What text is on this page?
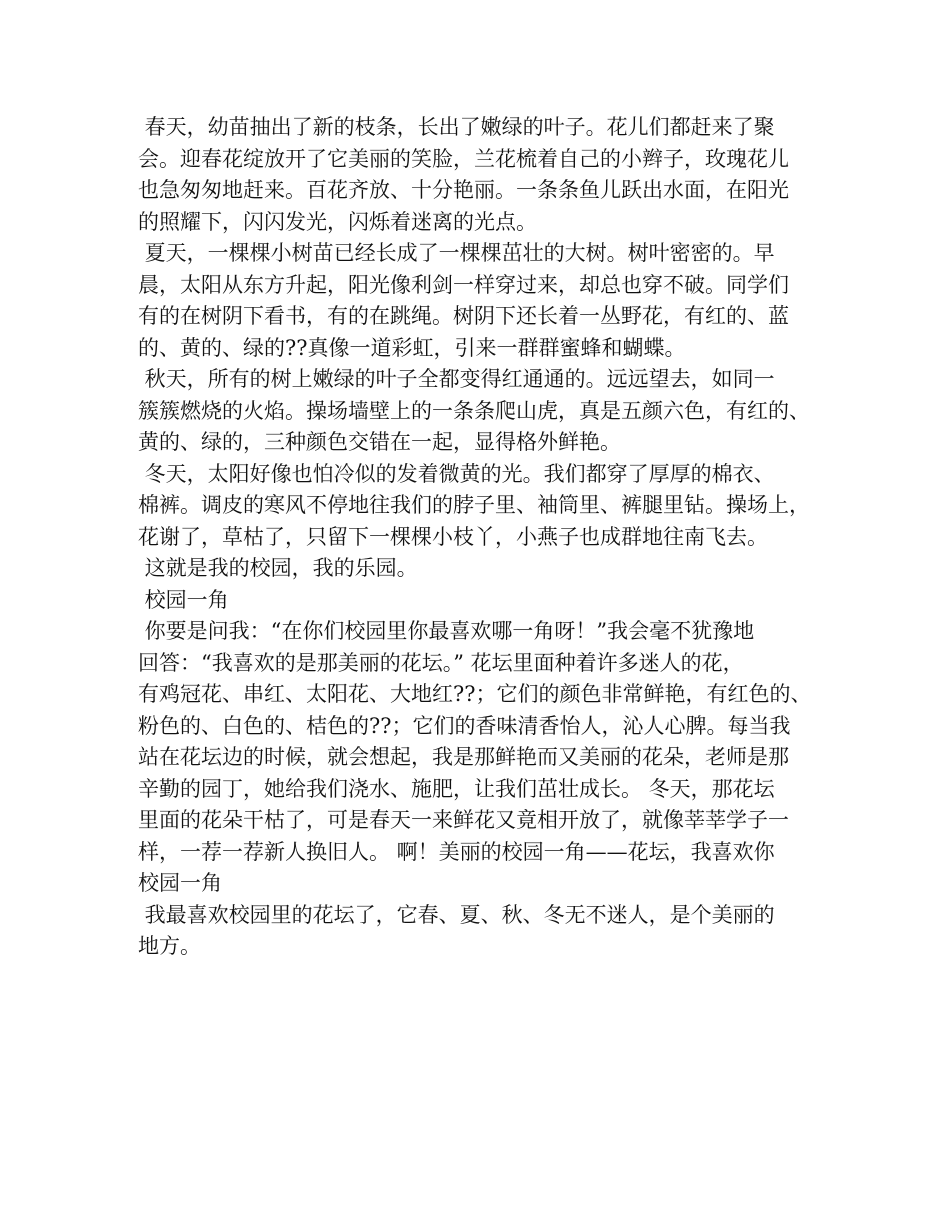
春天，幼苗抽出了新的枝条，长出了嫩绿的叶子。花儿们都赶来了聚
会。迎春花绽放开了它美丽的笑脸，兰花梳着自己的小辫子，玫瑰花儿
也急匆匆地赶来。百花齐放、十分艳丽。一条条鱼儿跃出水面，在阳光
的照耀下，闪闪发光，闪烁着迷离的光点。
夏天，一棵棵小树苗已经长成了一棵棵茁壮的大树。树叶密密的。早
晨，太阳从东方升起，阳光像利剑一样穿过来，却总也穿不破。同学们
有的在树阴下看书，有的在跳绳。树阴下还长着一丛野花，有红的、蓝
的、黄的、绿的??真像一道彩虹，引来一群群蜜蜂和蝴蝶。
秋天，所有的树上嫩绿的叶子全都变得红通通的。远远望去，如同一
簇簇燃烧的火焰。操场墙壁上的一条条爬山虎，真是五颜六色，有红的、
黄的、绿的，三种颜色交错在一起，显得格外鲜艳。
冬天，太阳好像也怕冷似的发着微黄的光。我们都穿了厚厚的棉衣、
棉裤。调皮的寒风不停地往我们的脖子里、袖筒里、裤腿里钻。操场上，
花谢了，草枯了，只留下一棵棵小枝丫，小燕子也成群地往南飞去。
这就是我的校园，我的乐园。
校园一角
你要是问我：“在你们校园里你最喜欢哪一角呀！”我会毫不犹豫地
回答：“我喜欢的是那美丽的花坛。” 花坛里面种着许多迷人的花，
有鸡冠花、串红、太阳花、大地红??；它们的颜色非常鲜艳，有红色的、
粉色的、白色的、桔色的??；它们的香味清香怡人，沁人心脾。每当我
站在花坛边的时候，就会想起，我是那鲜艳而又美丽的花朵，老师是那
辛勤的园丁，她给我们浇水、施肥，让我们茁壮成长。 冬天，那花坛
里面的花朵干枯了，可是春天一来鲜花又竟相开放了，就像莘莘学子一
样，一荐一荐新人换旧人。 啊！美丽的校园一角——花坛，我喜欢你
校园一角
我最喜欢校园里的花坛了，它春、夏、秋、冬无不迷人，是个美丽的
地方。
